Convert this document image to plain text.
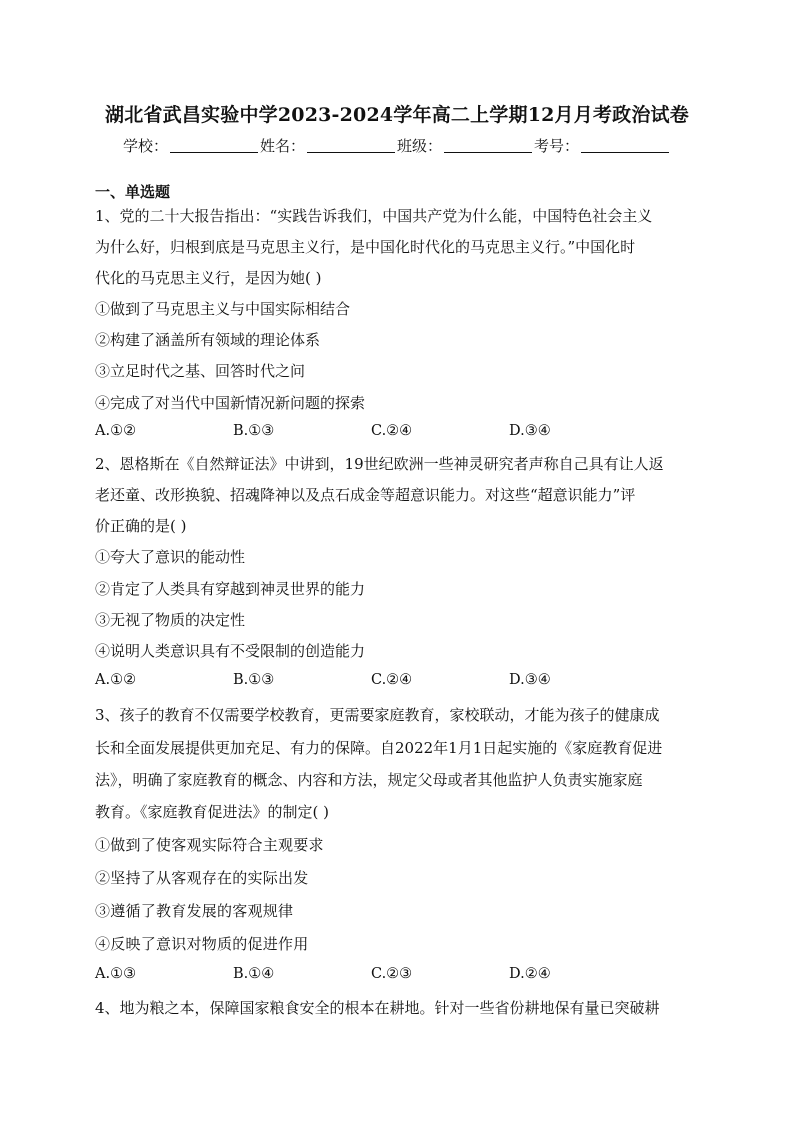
湖北省武昌实验中学2023-2024学年高二上学期12月月考政治试卷
学校：	姓名：	班级：	考号：
一、单选题
1、党的二十大报告指出：“实践告诉我们，中国共产党为什么能，中国特色社会主义
为什么好，归根到底是马克思主义行，是中国化时代化的马克思主义行。”中国化时
代化的马克思主义行，是因为她( )
①做到了马克思主义与中国实际相结合
②构建了涵盖所有领域的理论体系
③立足时代之基、回答时代之问
④完成了对当代中国新情况新问题的探索
A.①②	B.①③	C.②④	D.③④
2、恩格斯在《自然辩证法》中讲到，19世纪欧洲一些神灵研究者声称自己具有让人返
老还童、改形换貌、招魂降神以及点石成金等超意识能力。对这些“超意识能力”评
价正确的是( )
①夸大了意识的能动性
②肯定了人类具有穿越到神灵世界的能力
③无视了物质的决定性
④说明人类意识具有不受限制的创造能力
A.①②	B.①③	C.②④	D.③④
3、孩子的教育不仅需要学校教育，更需要家庭教育，家校联动，才能为孩子的健康成
长和全面发展提供更加充足、有力的保障。自2022年1月1日起实施的《家庭教育促进
法》，明确了家庭教育的概念、内容和方法，规定父母或者其他监护人负责实施家庭
教育。《家庭教育促进法》的制定( )
①做到了使客观实际符合主观要求
②坚持了从客观存在的实际出发
③遵循了教育发展的客观规律
④反映了意识对物质的促进作用
A.①③	B.①④	C.②③	D.②④
4、地为粮之本，保障国家粮食安全的根本在耕地。针对一些省份耕地保有量已突破耕
